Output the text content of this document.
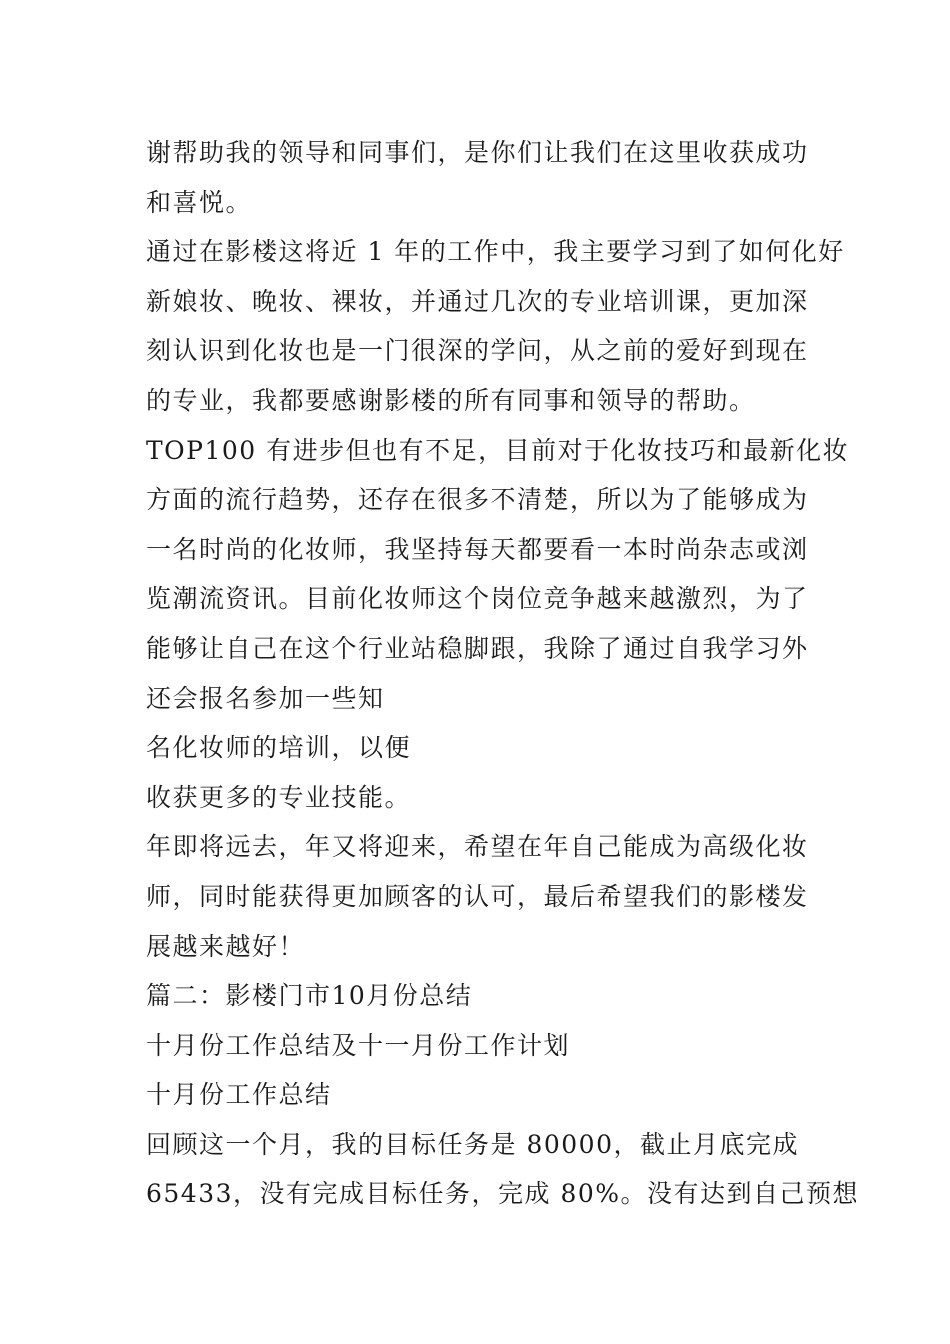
谢帮助我的领导和同事们，是你们让我们在这里收获成功
和喜悦。
通过在影楼这将近 1 年的工作中，我主要学习到了如何化好
新娘妆、晚妆、裸妆，并通过几次的专业培训课，更加深
刻认识到化妆也是一门很深的学问，从之前的爱好到现在
的专业，我都要感谢影楼的所有同事和领导的帮助。
TOP100 有进步但也有不足，目前对于化妆技巧和最新化妆
方面的流行趋势，还存在很多不清楚，所以为了能够成为
一名时尚的化妆师，我坚持每天都要看一本时尚杂志或浏
览潮流资讯。目前化妆师这个岗位竞争越来越激烈，为了
能够让自己在这个行业站稳脚跟，我除了通过自我学习外
还会报名参加一些知
名化妆师的培训，以便
收获更多的专业技能。
年即将远去，年又将迎来，希望在年自己能成为高级化妆
师，同时能获得更加顾客的认可，最后希望我们的影楼发
展越来越好！
篇二：影楼门市10月份总结
十月份工作总结及十一月份工作计划
十月份工作总结
回顾这一个月，我的目标任务是 80000，截止月底完成
65433，没有完成目标任务，完成 80%。没有达到自己预想
